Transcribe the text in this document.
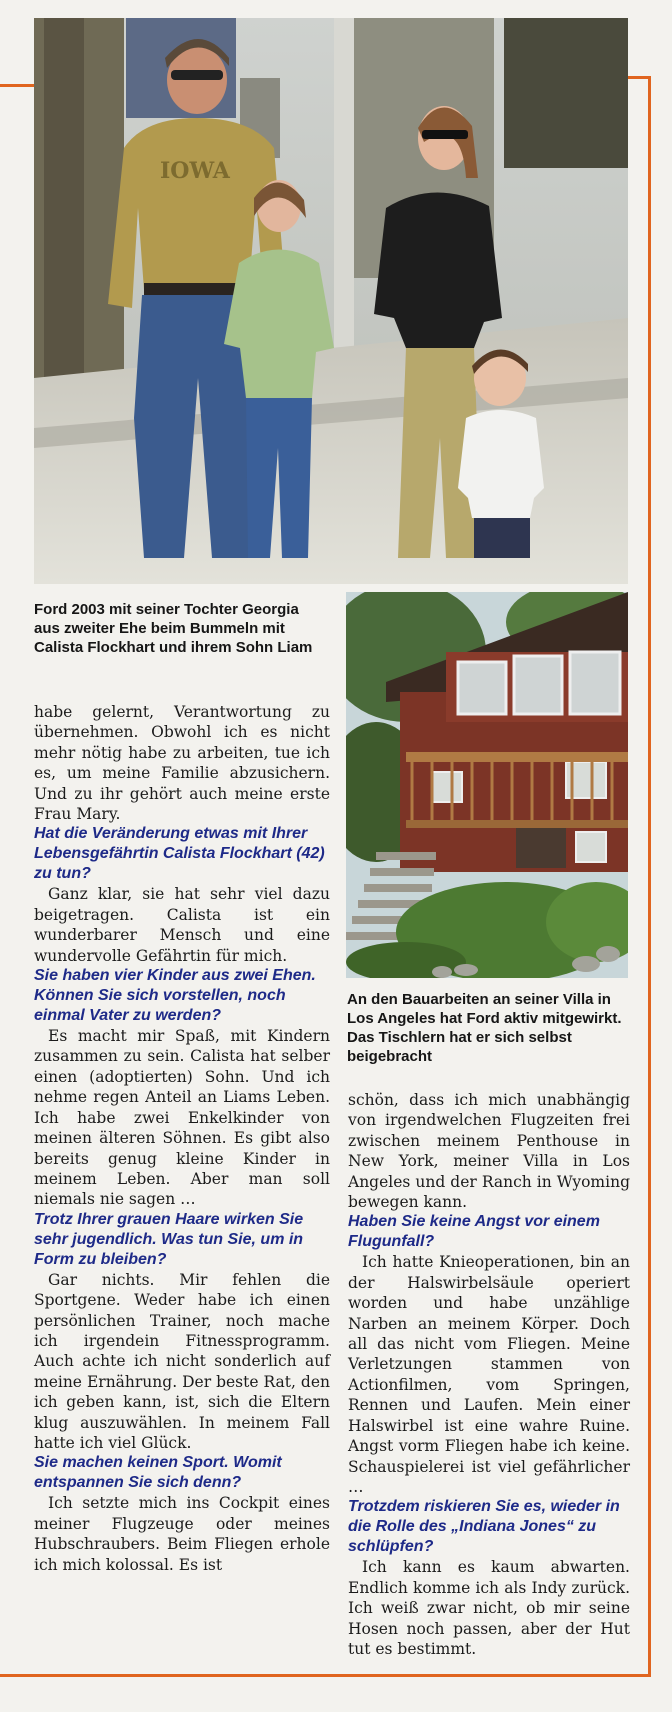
IOWA
Ford 2003 mit seiner Tochter Georgia aus zweiter Ehe beim Bummeln mit Calista Flockhart und ihrem Sohn Liam
An den Bauarbeiten an seiner Villa in Los Angeles hat Ford aktiv mitgewirkt. Das Tischlern hat er sich selbst beigebracht

habe gelernt, Verantwortung zu übernehmen. Obwohl ich es nicht mehr nötig habe zu arbeiten, tue ich es, um meine Familie abzusichern. Und zu ihr gehört auch meine erste Frau Mary.

Hat die Veränderung etwas mit Ihrer Lebensgefährtin Calista Flockhart (42) zu tun?

Ganz klar, sie hat sehr viel dazu beigetragen. Calista ist ein wunderbarer Mensch und eine wundervolle Gefährtin für mich.

Sie haben vier Kinder aus zwei Ehen. Können Sie sich vorstellen, noch einmal Vater zu werden?

Es macht mir Spaß, mit Kindern zusammen zu sein. Calista hat selber einen (adoptierten) Sohn. Und ich nehme regen Anteil an Liams Leben. Ich habe zwei Enkelkinder von meinen älteren Söhnen. Es gibt also bereits genug kleine Kinder in meinem Leben. Aber man soll niemals nie sagen …

Trotz Ihrer grauen Haare wirken Sie sehr jugendlich. Was tun Sie, um in Form zu bleiben?

Gar nichts. Mir fehlen die Sportgene. Weder habe ich einen persönlichen Trainer, noch mache ich irgendein Fitnessprogramm. Auch achte ich nicht sonderlich auf meine Ernährung. Der beste Rat, den ich geben kann, ist, sich die Eltern klug auszuwählen. In meinem Fall hatte ich viel Glück.

Sie machen keinen Sport. Womit entspannen Sie sich denn?

Ich setzte mich ins Cockpit eines meiner Flugzeuge oder meines Hubschraubers. Beim Fliegen erhole ich mich kolossal. Es ist

schön, dass ich mich unabhängig von irgendwelchen Flugzeiten frei zwischen meinem Penthouse in New York, meiner Villa in Los Angeles und der Ranch in Wyoming bewegen kann.

Haben Sie keine Angst vor einem Flugunfall?

Ich hatte Knieoperationen, bin an der Halswirbelsäule operiert worden und habe unzählige Narben an meinem Körper. Doch all das nicht vom Fliegen. Meine Verletzungen stammen von Actionfilmen, vom Springen, Rennen und Laufen. Mein einer Halswirbel ist eine wahre Ruine. Angst vorm Fliegen habe ich keine. Schauspielerei ist viel gefährlicher …

Trotzdem riskieren Sie es, wieder in die Rolle des „Indiana Jones“ zu schlüpfen?

Ich kann es kaum abwarten. Endlich komme ich als Indy zurück. Ich weiß zwar nicht, ob mir seine Hosen noch passen, aber der Hut tut es bestimmt.
